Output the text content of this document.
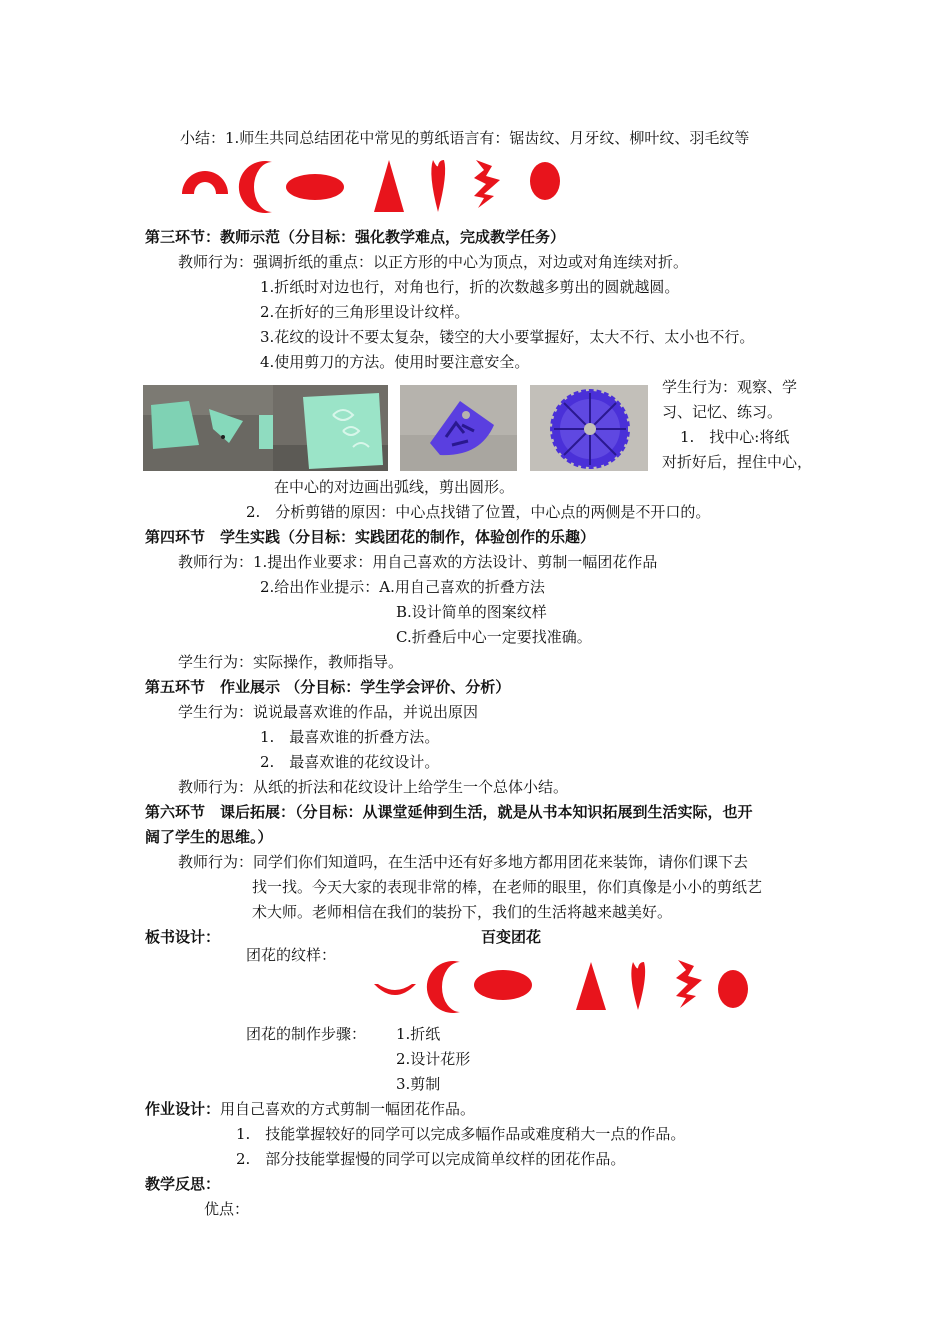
小结：1.师生共同总结团花中常见的剪纸语言有：锯齿纹、月牙纹、柳叶纹、羽毛纹等
第三环节：教师示范（分目标：强化教学难点，完成教学任务）
教师行为：强调折纸的重点：以正方形的中心为顶点，对边或对角连续对折。
1.折纸时对边也行，对角也行，折的次数越多剪出的圆就越圆。
2.在折好的三角形里设计纹样。
3.花纹的设计不要太复杂，镂空的大小要掌握好，太大不行、太小也不行。
4.使用剪刀的方法。使用时要注意安全。
学生行为：观察、学
习、记忆、练习。
1.　找中心:将纸
对折好后，捏住中心，
在中心的对边画出弧线，剪出圆形。
2.　分析剪错的原因：中心点找错了位置，中心点的两侧是不开口的。
第四环节　学生实践（分目标：实践团花的制作，体验创作的乐趣）
教师行为：1.提出作业要求：用自己喜欢的方法设计、剪制一幅团花作品
2.给出作业提示：A.用自己喜欢的折叠方法
B.设计简单的图案纹样
C.折叠后中心一定要找准确。
学生行为：实际操作，教师指导。
第五环节　作业展示 （分目标：学生学会评价、分析）
学生行为：说说最喜欢谁的作品，并说出原因
1.　最喜欢谁的折叠方法。
2.　最喜欢谁的花纹设计。
教师行为：从纸的折法和花纹设计上给学生一个总体小结。
第六环节　课后拓展：（分目标：从课堂延伸到生活，就是从书本知识拓展到生活实际，也开
阔了学生的思维。）
教师行为：同学们你们知道吗，在生活中还有好多地方都用团花来装饰，请你们课下去
找一找。今天大家的表现非常的棒，在老师的眼里，你们真像是小小的剪纸艺
术大师。老师相信在我们的装扮下，我们的生活将越来越美好。
板书设计：	百变团花
团花的纹样：
团花的制作步骤： 1.折纸
2.设计花形
3.剪制
作业设计：用自己喜欢的方式剪制一幅团花作品。
1.　技能掌握较好的同学可以完成多幅作品或难度稍大一点的作品。
2.　部分技能掌握慢的同学可以完成简单纹样的团花作品。
教学反思：
优点：
